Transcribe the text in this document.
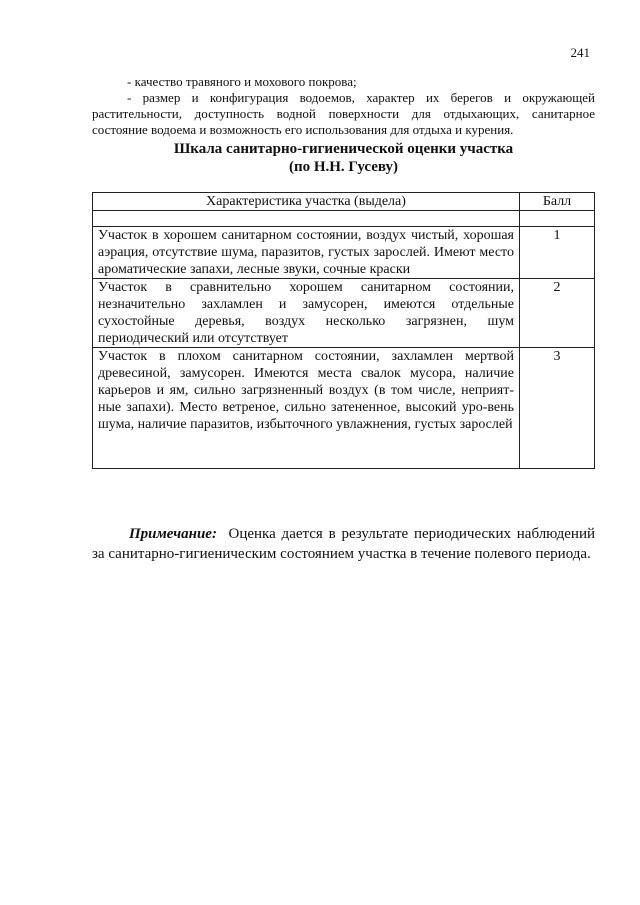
241

- качество травяного и мохового покрова;

- размер и конфигурация водоемов, характер их берегов и окружающей растительности, доступность водной поверхности для отдыхающих, санитарное состояние водоема и возможность его использования для отдыха и курения.

Шкала санитарно-гигиенической оценки участка
(по Н.Н. Гусеву)
Характеристика участка (выдела)	Балл

Участок в хорошем санитарном состоянии, воздух чистый, хорошая аэрация, отсутствие шума, паразитов, густых зарослей. Имеют место ароматические запахи, лесные звуки, сочные краски	1
Участок в сравнительно хорошем санитарном состоянии, незначительно захламлен и замусорен, имеются отдельные сухостойные деревья, воздух несколько загрязнен, шум периодический или отсутствует	2
Участок в плохом санитарном состоянии, захламлен мертвой древесиной, замусорен. Имеются места свалок мусора, наличие карьеров и ям, сильно загрязненный воздух (в том числе, неприят-ные запахи). Место ветреное, сильно затененное, высокий уро-вень шума, наличие паразитов, избыточного увлажнения, густых зарослей	3

Примечание: Оценка дается в результате периодических наблюдений за санитарно-гигиеническим состоянием участка в течение полевого периода.
